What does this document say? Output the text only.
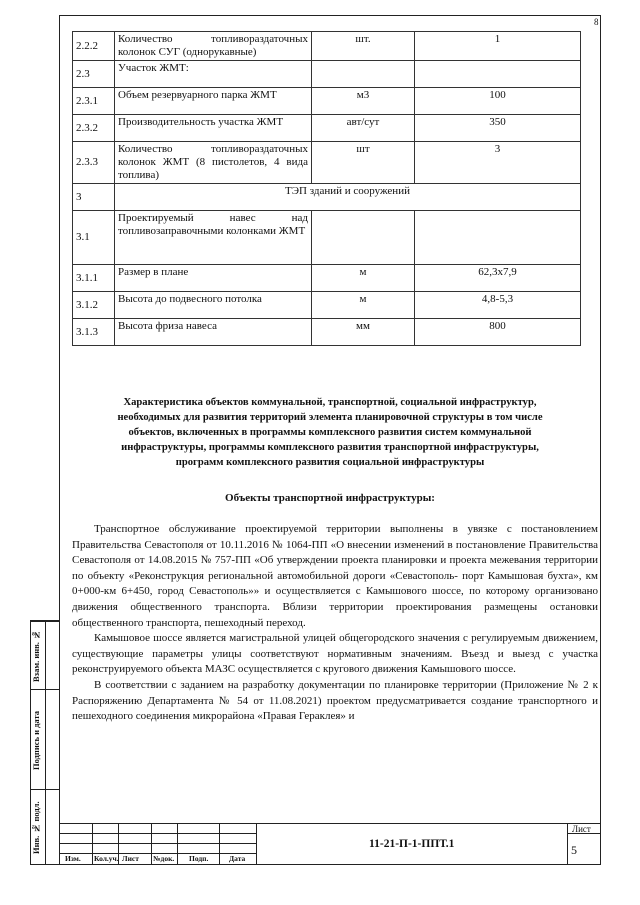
8
2.2.2	Количество топливораздаточных колонок СУГ (однорукавные)	шт.	1
2.3	Участок ЖМТ:		
2.3.1	Объем резервуарного парка ЖМТ	м3	100
2.3.2	Производительность участка ЖМТ	авт/сут	350
2.3.3	Количество топливораздаточных колонок ЖМТ (8 пистолетов, 4 вида топлива)	шт	3
3	ТЭП зданий и сооружений		
3.1	Проектируемый навес над топливозаправочными колонками ЖМТ		
3.1.1	Размер в плане	м	62,3х7,9
3.1.2	Высота до подвесного потолка	м	4,8-5,3
3.1.3	Высота фриза навеса	мм	800
Характеристика объектов коммунальной, транспортной, социальной инфраструктур,
необходимых для развития территорий элемента планировочной структуры в том числе
объектов, включенных в программы комплексного развития систем коммунальной
инфраструктуры, программы комплексного развития транспортной инфраструктуры,
программ комплексного развития социальной инфраструктуры
Объекты транспортной инфраструктуры:

Транспортное обслуживание проектируемой территории выполнены в увязке с постановлением Правительства Севастополя от 10.11.2016 № 1064-ПП «О внесении изменений в постановление Правительства Севастополя от 14.08.2015 № 757-ПП «Об утверждении проекта планировки и проекта межевания территории по объекту «Реконструкция региональной автомобильной дороги «Севастополь- порт Камышовая бухта», км 0+000-км 6+450, город Севастополь»» и осуществляется с Камышового шоссе, по которому организовано движения общественного транспорта. Вблизи территории проектирования размещены остановки общественного транспорта, пешеходный переход.

Камышовое шоссе является магистральной улицей общегородского значения с регулируемым движением, существующие параметры улицы соответствуют нормативным значениям. Въезд и выезд с участка реконструируемого объекта МАЗС осуществляется с кругового движения Камышового шоссе.

В соответствии с заданием на разработку документации по планировке территории (Приложение № 2 к Распоряжению Департамента № 54 от 11.08.2021) проектом предусматривается создание транспортного и пешеходного соединения микрорайона «Правая Гераклея» и

Взам. инв. №
Подпись и дата
Инв. № подл.
Изм. Кол.уч. Лист №док. Подп.	Дата
11-21-П-1-ППТ.1
Лист
5
